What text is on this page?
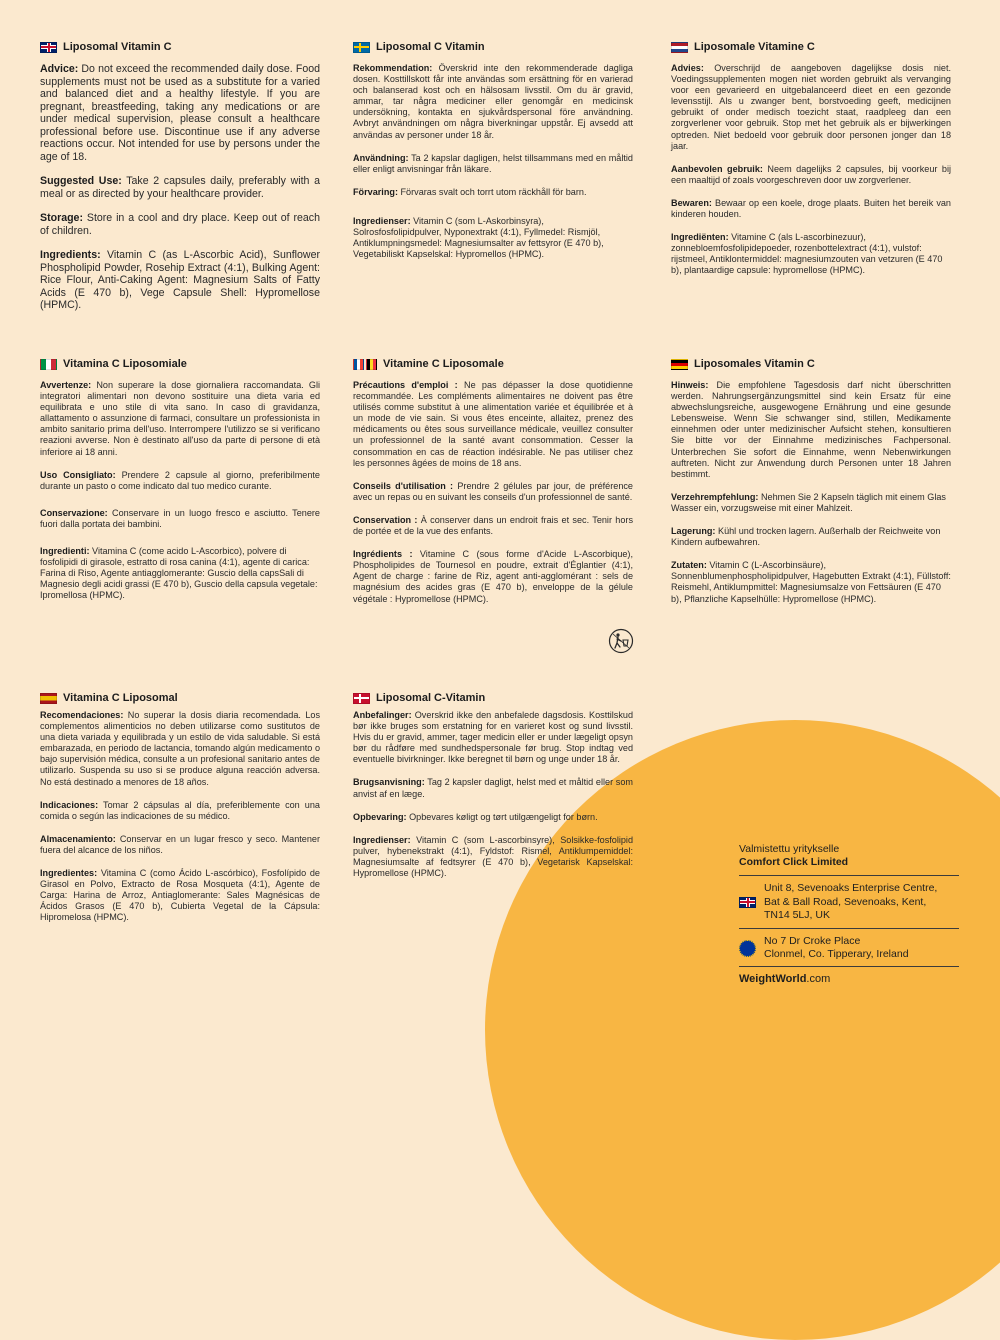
Liposomal Vitamin C

Advice: Do not exceed the recommended daily dose. Food supplements must not be used as a substitute for a varied and balanced diet and a healthy lifestyle. If you are pregnant, breastfeeding, taking any medications or are under medical supervision, please consult a healthcare professional before use. Discontinue use if any adverse reactions occur. Not intended for use by persons under the age of 18.

Suggested Use: Take 2 capsules daily, preferably with a meal or as directed by your healthcare provider.

Storage: Store in a cool and dry place. Keep out of reach of children.

Ingredients: Vitamin C (as L-Ascorbic Acid), Sunflower Phospholipid Powder, Rosehip Extract (4:1), Bulking Agent: Rice Flour, Anti-Caking Agent: Magnesium Salts of Fatty Acids (E 470 b), Vege Capsule Shell: Hypromellose (HPMC).

Liposomal C Vitamin

Rekommendation: Överskrid inte den rekommenderade dagliga dosen. Kosttillskott får inte användas som ersättning för en varierad och balanserad kost och en hälsosam livsstil. Om du är gravid, ammar, tar några mediciner eller genomgår en medicinsk undersökning, kontakta en sjukvårdspersonal före användning. Avbryt användningen om några biverkningar uppstår. Ej avsedd att användas av personer under 18 år.

Användning: Ta 2 kapslar dagligen, helst tillsammans med en måltid eller enligt anvisningar från läkare.

Förvaring: Förvaras svalt och torrt utom räckhåll för barn.

Ingredienser: Vitamin C (som L-Askorbinsyra), Solrosfosfolipidpulver, Nyponextrakt (4:1), Fyllmedel: Rismjöl, Antiklumpningsmedel: Magnesiumsalter av fettsyror (E 470 b), Vegetabiliskt Kapselskal: Hypromellos (HPMC).

Liposomale Vitamine C

Advies: Overschrijd de aangeboven dagelijkse dosis niet. Voedingssupplementen mogen niet worden gebruikt als vervanging voor een gevarieerd en uitgebalanceerd dieet en een gezonde levensstijl. Als u zwanger bent, borstvoeding geeft, medicijnen gebruikt of onder medisch toezicht staat, raadpleeg dan een zorgverlener voor gebruik. Stop met het gebruik als er bijwerkingen optreden. Niet bedoeld voor gebruik door personen jonger dan 18 jaar.

Aanbevolen gebruik: Neem dagelijks 2 capsules, bij voorkeur bij een maaltijd of zoals voorgeschreven door uw zorgverlener.

Bewaren: Bewaar op een koele, droge plaats. Buiten het bereik van kinderen houden.

Ingrediënten: Vitamine C (als L-ascorbinezuur), zonnebloemfosfolipidepoeder, rozenbottelextract (4:1), vulstof: rijstmeel, Antiklontermiddel: magnesiumzouten van vetzuren (E 470 b), plantaardige capsule: hypromellose (HPMC).

Vitamina C Liposomiale

Avvertenze: Non superare la dose giornaliera raccomandata. Gli integratori alimentari non devono sostituire una dieta varia ed equilibrata e uno stile di vita sano. In caso di gravidanza, allattamento o assunzione di farmaci, consultare un professionista in ambito sanitario prima dell'uso. Interrompere l'utilizzo se si verificano reazioni avverse. Non è destinato all'uso da parte di persone di età inferiore ai 18 anni.

Uso Consigliato: Prendere 2 capsule al giorno, preferibilmente durante un pasto o come indicato dal tuo medico curante.

Conservazione: Conservare in un luogo fresco e asciutto. Tenere fuori dalla portata dei bambini.

Ingredienti: Vitamina C (come acido L-Ascorbico), polvere di fosfolipidi di girasole, estratto di rosa canina (4:1), agente di carica: Farina di Riso, Agente antiagglomerante: Guscio della capsSali di Magnesio degli acidi grassi (E 470 b), Guscio della capsula vegetale: Ipromellosa (HPMC).

Vitamine C Liposomale

Précautions d'emploi : Ne pas dépasser la dose quotidienne recommandée. Les compléments alimentaires ne doivent pas être utilisés comme substitut à une alimentation variée et équilibrée et à un mode de vie sain. Si vous êtes enceinte, allaitez, prenez des médicaments ou êtes sous surveillance médicale, veuillez consulter un professionnel de la santé avant consommation. Cesser la consommation en cas de réaction indésirable. Ne pas utiliser chez les personnes âgées de moins de 18 ans.

Conseils d'utilisation : Prendre 2 gélules par jour, de préférence avec un repas ou en suivant les conseils d'un professionnel de santé.

Conservation : À conserver dans un endroit frais et sec. Tenir hors de portée et de la vue des enfants.

Ingrédients : Vitamine C (sous forme d'Acide L-Ascorbique), Phospholipides de Tournesol en poudre, extrait d'Églantier (4:1), Agent de charge : farine de Riz, agent anti-agglomérant : sels de magnésium des acides gras (E 470 b), enveloppe de la gélule végétale : Hypromellose (HPMC).

Liposomales Vitamin C

Hinweis: Die empfohlene Tagesdosis darf nicht überschritten werden. Nahrungsergänzungsmittel sind kein Ersatz für eine abwechslungsreiche, ausgewogene Ernährung und eine gesunde Lebensweise. Wenn Sie schwanger sind, stillen, Medikamente einnehmen oder unter medizinischer Aufsicht stehen, konsultieren Sie bitte vor der Einnahme medizinisches Fachpersonal. Unterbrechen Sie sofort die Einnahme, wenn Nebenwirkungen auftreten. Nicht zur Anwendung durch Personen unter 18 Jahren bestimmt.

Verzehrempfehlung: Nehmen Sie 2 Kapseln täglich mit einem Glas Wasser ein, vorzugsweise mit einer Mahlzeit.

Lagerung: Kühl und trocken lagern. Außerhalb der Reichweite von Kindern aufbewahren.

Zutaten: Vitamin C (L-Ascorbinsäure), Sonnenblumenphospholipidpulver, Hagebutten Extrakt (4:1), Füllstoff: Reismehl, Antiklumpmittel: Magnesiumsalze von Fettsäuren (E 470 b), Pflanzliche Kapselhülle: Hypromellose (HPMC).

Vitamina C Liposomal

Recomendaciones: No superar la dosis diaria recomendada. Los complementos alimenticios no deben utilizarse como sustitutos de una dieta variada y equilibrada y un estilo de vida saludable. Si está embarazada, en periodo de lactancia, tomando algún medicamento o bajo supervisión médica, consulte a un profesional sanitario antes de utilizarlo. Suspenda su uso si se produce alguna reacción adversa. No está destinado a menores de 18 años.

Indicaciones: Tomar 2 cápsulas al día, preferiblemente con una comida o según las indicaciones de su médico.

Almacenamiento: Conservar en un lugar fresco y seco. Mantener fuera del alcance de los niños.

Ingredientes: Vitamina C (como Ácido L-ascórbico), Fosfolípido de Girasol en Polvo, Extracto de Rosa Mosqueta (4:1), Agente de Carga: Harina de Arroz, Antiaglomerante: Sales Magnésicas de Ácidos Grasos (E 470 b), Cubierta Vegetal de la Cápsula: Hipromelosa (HPMC).

Liposomal C-Vitamin

Anbefalinger: Overskrid ikke den anbefalede dagsdosis. Kosttilskud bør ikke bruges som erstatning for en varieret kost og sund livsstil. Hvis du er gravid, ammer, tager medicin eller er under lægeligt opsyn bør du rådføre med sundhedspersonale før brug. Stop indtag ved eventuelle bivirkninger. Ikke beregnet til børn og unge under 18 år.

Brugsanvisning: Tag 2 kapsler dagligt, helst med et måltid eller som anvist af en læge.

Opbevaring: Opbevares køligt og tørt utilgængeligt for børn.

Ingredienser: Vitamin C (som L-ascorbinsyre), Solsikke-fosfolipid pulver, hybenekstrakt (4:1), Fyldstof: Rismel, Antiklumpemiddel: Magnesiumsalte af fedtsyrer (E 470 b), Vegetarisk Kapselskal: Hypromellose (HPMC).

Valmistettu yritykselle
Comfort Click Limited
Unit 8, Sevenoaks Enterprise Centre,
Bat & Ball Road, Sevenoaks, Kent,
TN14 5LJ, UK
No 7 Dr Croke Place
Clonmel, Co. Tipperary, Ireland
WeightWorld.com
